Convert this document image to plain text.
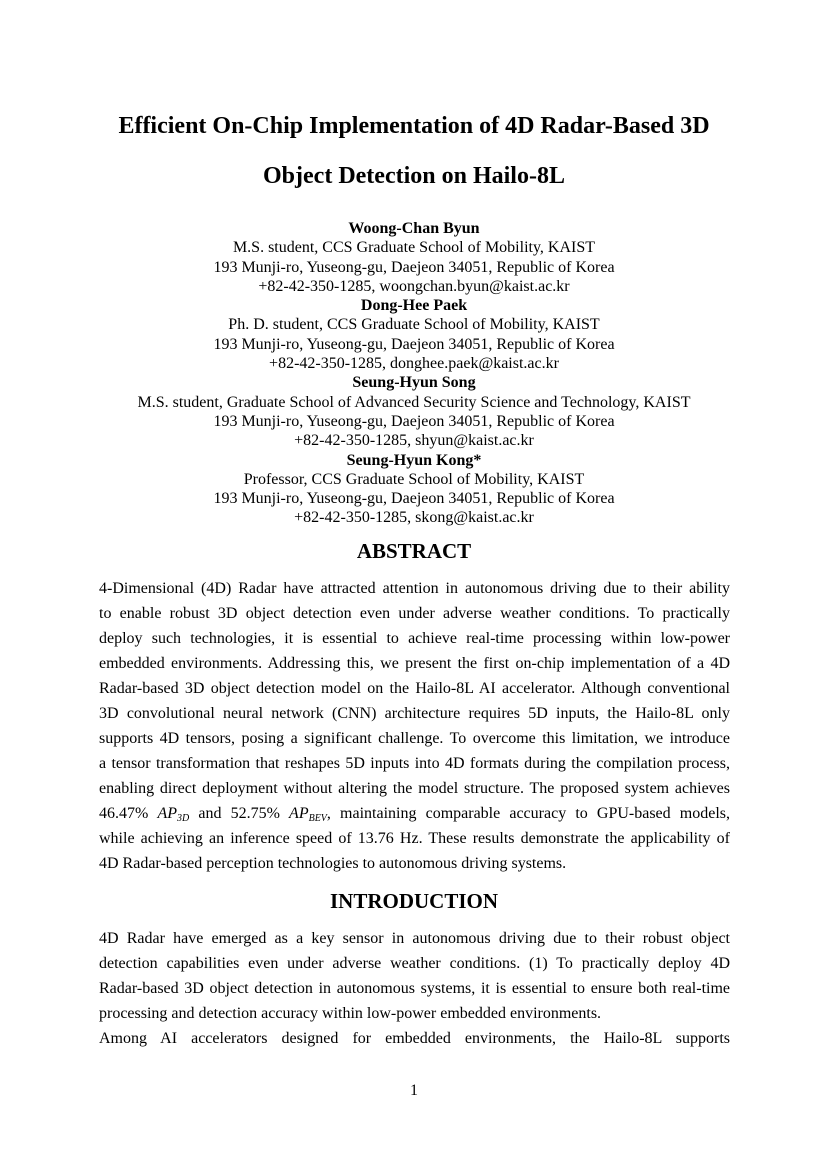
Efficient On-Chip Implementation of 4D Radar-Based 3D
Object Detection on Hailo-8L
Woong-Chan Byun
M.S. student, CCS Graduate School of Mobility, KAIST
193 Munji-ro, Yuseong-gu, Daejeon 34051, Republic of Korea
+82-42-350-1285, woongchan.byun@kaist.ac.kr
Dong-Hee Paek
Ph. D. student, CCS Graduate School of Mobility, KAIST
193 Munji-ro, Yuseong-gu, Daejeon 34051, Republic of Korea
+82-42-350-1285, donghee.paek@kaist.ac.kr
Seung-Hyun Song
M.S. student, Graduate School of Advanced Security Science and Technology, KAIST
193 Munji-ro, Yuseong-gu, Daejeon 34051, Republic of Korea
+82-42-350-1285, shyun@kaist.ac.kr
Seung-Hyun Kong*
Professor, CCS Graduate School of Mobility, KAIST
193 Munji-ro, Yuseong-gu, Daejeon 34051, Republic of Korea
+82-42-350-1285, skong@kaist.ac.kr
ABSTRACT
4-Dimensional (4D) Radar have attracted attention in autonomous driving due to their ability
to enable robust 3D object detection even under adverse weather conditions. To practically
deploy such technologies, it is essential to achieve real-time processing within low-power
embedded environments. Addressing this, we present the first on-chip implementation of a 4D
Radar-based 3D object detection model on the Hailo-8L AI accelerator. Although conventional
3D convolutional neural network (CNN) architecture requires 5D inputs, the Hailo-8L only
supports 4D tensors, posing a significant challenge. To overcome this limitation, we introduce
a tensor transformation that reshapes 5D inputs into 4D formats during the compilation process,
enabling direct deployment without altering the model structure. The proposed system achieves
46.47% $AP_{3D}$ and 52.75% $AP_{BEV}$, maintaining comparable accuracy to GPU-based models,
while achieving an inference speed of 13.76 Hz. These results demonstrate the applicability of
4D Radar-based perception technologies to autonomous driving systems.
INTRODUCTION
4D Radar have emerged as a key sensor in autonomous driving due to their robust object
detection capabilities even under adverse weather conditions. (1) To practically deploy 4D
Radar-based 3D object detection in autonomous systems, it is essential to ensure both real-time
processing and detection accuracy within low-power embedded environments.
Among AI accelerators designed for embedded environments, the Hailo-8L supports
1
